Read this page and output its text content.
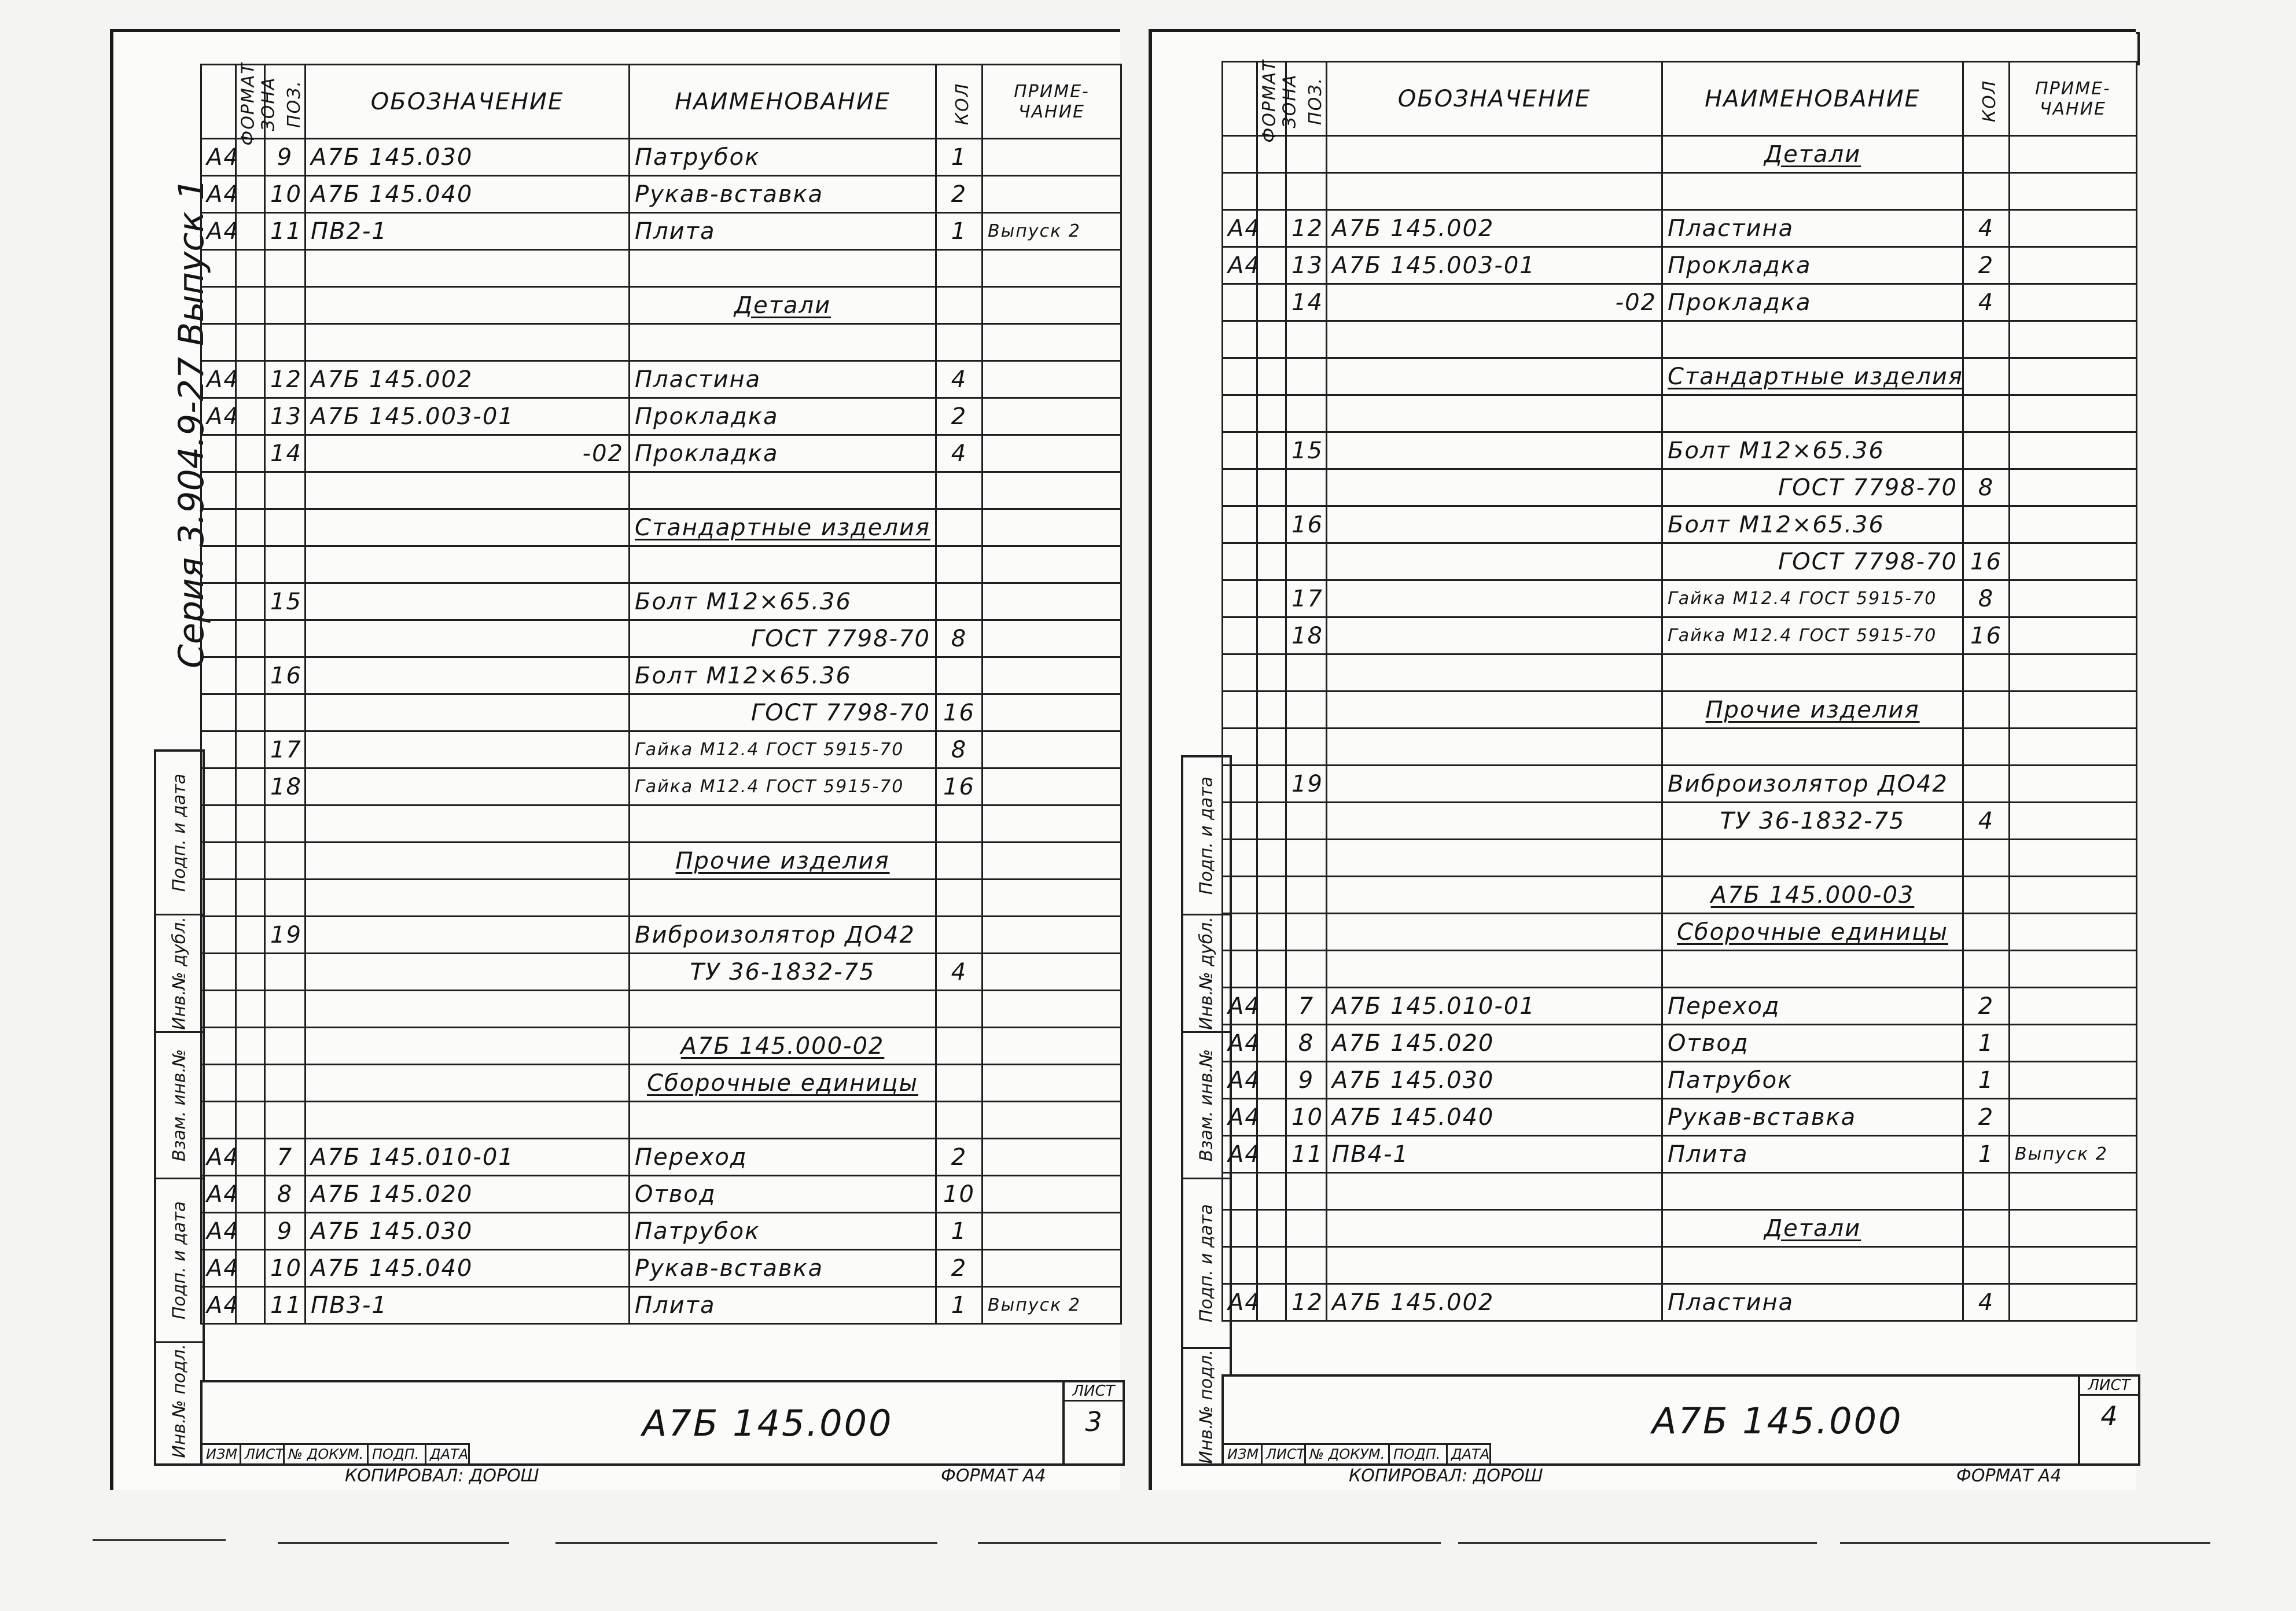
Серия 3.904.9-27 Выпуск 1
Подп. и дата
Инв.№ дубл.
Взам. инв.№
Подп. и дата
Инв.№ подл.
ФОРМАТ	ЗОНА	ПОЗ.	ОБОЗНАЧЕНИЕ	НАИМЕНОВАНИЕ	КОЛ	ПРИМЕ-ЧАНИЕ
А4		9	А7Б 145.030	Патрубок	1	
А4		10	А7Б 145.040	Рукав-вставка	2	
А4		11	ПВ2-1	Плита	1	Выпуск 2

				Детали		

А4		12	А7Б 145.002	Пластина	4	
А4		13	А7Б 145.003-01	Прокладка	2	
		14	-02	Прокладка	4	

				Стандартные изделия		

		15		Болт М12×65.36		
				ГОСТ 7798-70	8	
		16		Болт М12×65.36		
				ГОСТ 7798-70	16	
		17		Гайка М12.4 ГОСТ 5915-70	8	
		18		Гайка М12.4 ГОСТ 5915-70	16	

				Прочие изделия		

		19		Виброизолятор ДО42		
				ТУ 36-1832-75	4	

				А7Б 145.000-02		
				Сборочные единицы		

А4		7	А7Б 145.010-01	Переход	2	
А4		8	А7Б 145.020	Отвод	10	
А4		9	А7Б 145.030	Патрубок	1	
А4		10	А7Б 145.040	Рукав-вставка	2	
А4		11	ПВ3-1	Плита	1	Выпуск 2
ИЗМ ЛИСТ № ДОКУМ. ПОДП. ДАТА
А7Б 145.000
ЛИСТ
3
КОПИРОВАЛ: ДОРОШ	ФОРМАТ А4
Подп. и дата
Инв.№ дубл.
Взам. инв.№
Подп. и дата
Инв.№ подл.
ФОРМАТ	ЗОНА	ПОЗ.	ОБОЗНАЧЕНИЕ	НАИМЕНОВАНИЕ	КОЛ	ПРИМЕ-ЧАНИЕ
				Детали		

А4		12	А7Б 145.002	Пластина	4	
А4		13	А7Б 145.003-01	Прокладка	2	
		14	-02	Прокладка	4	

				Стандартные изделия		

		15		Болт М12×65.36		
				ГОСТ 7798-70	8	
		16		Болт М12×65.36		
				ГОСТ 7798-70	16	
		17		Гайка М12.4 ГОСТ 5915-70	8	
		18		Гайка М12.4 ГОСТ 5915-70	16	

				Прочие изделия		

		19		Виброизолятор ДО42		
				ТУ 36-1832-75	4	

				А7Б 145.000-03		
				Сборочные единицы		

А4		7	А7Б 145.010-01	Переход	2	
А4		8	А7Б 145.020	Отвод	1	
А4		9	А7Б 145.030	Патрубок	1	
А4		10	А7Б 145.040	Рукав-вставка	2	
А4		11	ПВ4-1	Плита	1	Выпуск 2

				Детали		

А4		12	А7Б 145.002	Пластина	4	
ИЗМ ЛИСТ № ДОКУМ. ПОДП. ДАТА
А7Б 145.000
ЛИСТ
4
КОПИРОВАЛ: ДОРОШ	ФОРМАТ А4
